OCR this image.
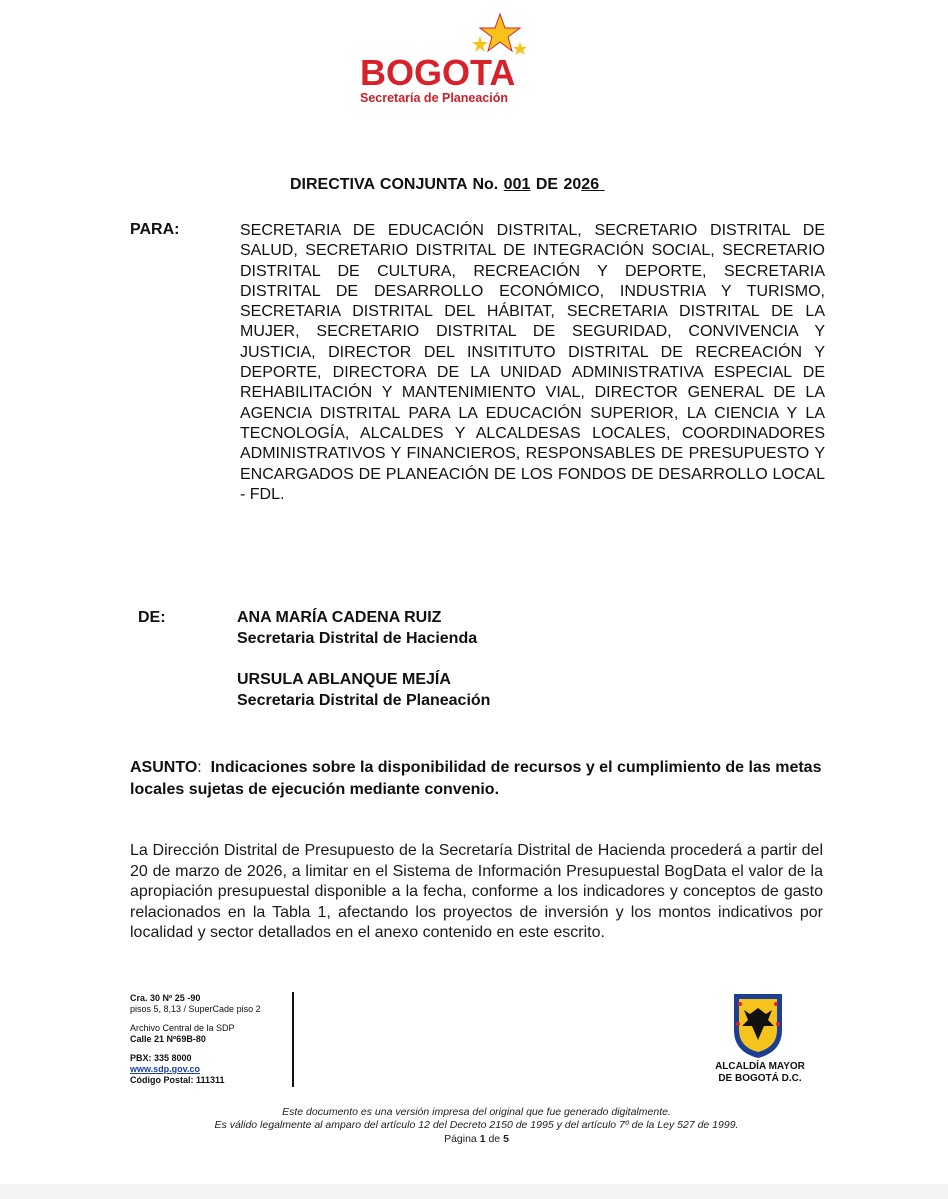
BOGOTA
Secretaría de Planeación
DIRECTIVA CONJUNTA No. 001 DE 2026
PARA:	SECRETARIA DE EDUCACIÓN DISTRITAL, SECRETARIO DISTRITAL DE SALUD, SECRETARIO DISTRITAL DE INTEGRACIÓN SOCIAL, SECRETARIO DISTRITAL DE CULTURA, RECREACIÓN Y DEPORTE, SECRETARIA DISTRITAL DE DESARROLLO ECONÓMICO, INDUSTRIA Y TURISMO, SECRETARIA DISTRITAL DEL HÁBITAT, SECRETARIA DISTRITAL DE LA MUJER, SECRETARIO DISTRITAL DE SEGURIDAD, CONVIVENCIA Y JUSTICIA, DIRECTOR DEL INSITITUTO DISTRITAL DE RECREACIÓN Y DEPORTE, DIRECTORA DE LA UNIDAD ADMINISTRATIVA ESPECIAL DE REHABILITACIÓN Y MANTENIMIENTO VIAL, DIRECTOR GENERAL DE LA AGENCIA DISTRITAL PARA LA EDUCACIÓN SUPERIOR, LA CIENCIA Y LA TECNOLOGÍA, ALCALDES Y ALCALDESAS LOCALES, COORDINADORES ADMINISTRATIVOS Y FINANCIEROS, RESPONSABLES DE PRESUPUESTO Y ENCARGADOS DE PLANEACIÓN DE LOS FONDOS DE DESARROLLO LOCAL - FDL.
DE:	ANA MARÍA CADENA RUIZ
Secretaria Distrital de Hacienda
URSULA ABLANQUE MEJÍA
Secretaria Distrital de Planeación
ASUNTO: Indicaciones sobre la disponibilidad de recursos y el cumplimiento de las metas locales sujetas de ejecución mediante convenio.
La Dirección Distrital de Presupuesto de la Secretaría Distrital de Hacienda procederá a partir del 20 de marzo de 2026, a limitar en el Sistema de Información Presupuestal BogData el valor de la apropiación presupuestal disponible a la fecha, conforme a los indicadores y conceptos de gasto relacionados en la Tabla 1, afectando los proyectos de inversión y los montos indicativos por localidad y sector detallados en el anexo contenido en este escrito.
Cra. 30 Nº 25 -90
pisos 5, 8,13 / SuperCade piso 2
Archivo Central de la SDP
Calle 21 Nº69B-80
PBX: 335 8000
www.sdp.gov.co
Código Postal: 111311
ALCALDÍA MAYOR
DE BOGOTÁ D.C.
Este documento es una versión impresa del original que fue generado digitalmente.
Es válido legalmente al amparo del artículo 12 del Decreto 2150 de 1995 y del artículo 7º de la Ley 527 de 1999.
Página 1 de 5
